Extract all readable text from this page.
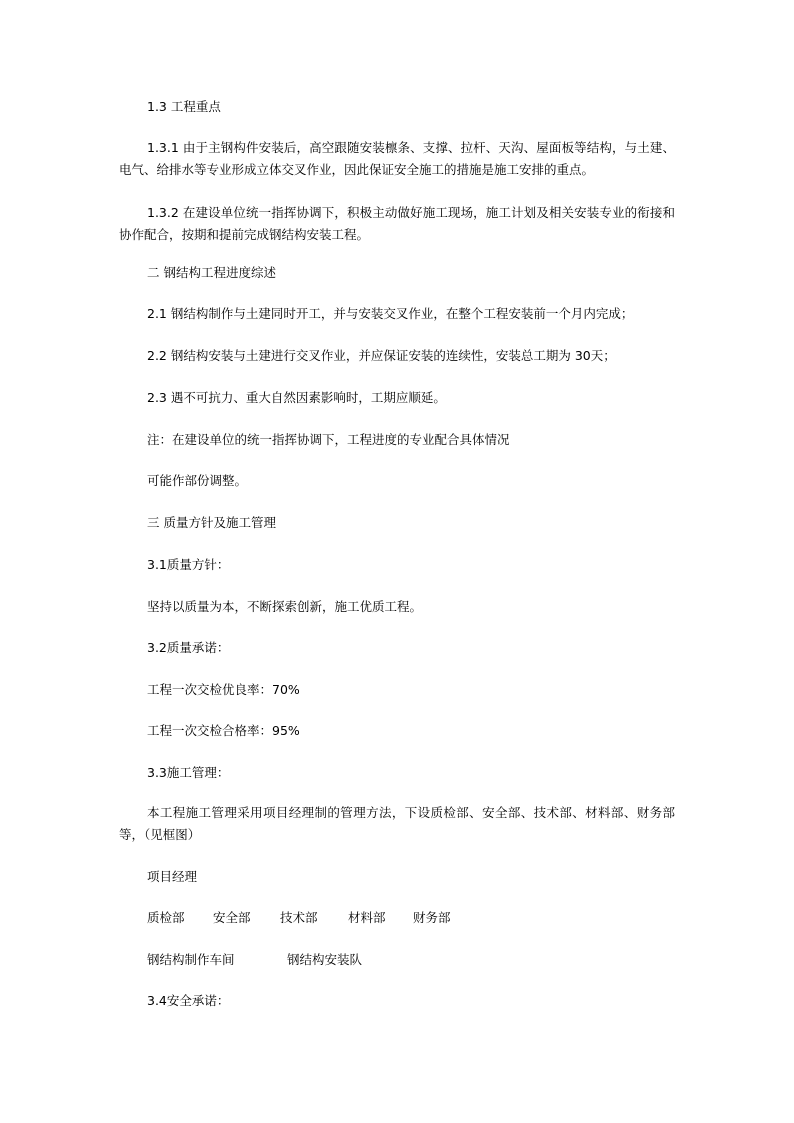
1.3 工程重点
1.3.1 由于主钢构件安装后，高空跟随安装檩条、支撑、拉杆、天沟、屋面板等结构，与土建、电气、给排水等专业形成立体交叉作业，因此保证安全施工的措施是施工安排的重点。
1.3.2 在建设单位统一指挥协调下，积极主动做好施工现场，施工计划及相关安装专业的衔接和协作配合，按期和提前完成钢结构安装工程。
二 钢结构工程进度综述
2.1 钢结构制作与土建同时开工，并与安装交叉作业，在整个工程安装前一个月内完成；
2.2 钢结构安装与土建进行交叉作业，并应保证安装的连续性，安装总工期为 30天；
2.3 遇不可抗力、重大自然因素影响时，工期应顺延。
注：在建设单位的统一指挥协调下，工程进度的专业配合具体情况
可能作部份调整。
三 质量方针及施工管理
3.1质量方针：
坚持以质量为本，不断探索创新，施工优质工程。
3.2质量承诺：
工程一次交检优良率：70%
工程一次交检合格率：95%
3.3施工管理：
本工程施工管理采用项目经理制的管理方法，下设质检部、安全部、技术部、材料部、财务部等，（见框图）
项目经理
质检部 安全部 技术部 材料部 财务部
钢结构制作车间	钢结构安装队
3.4安全承诺：
